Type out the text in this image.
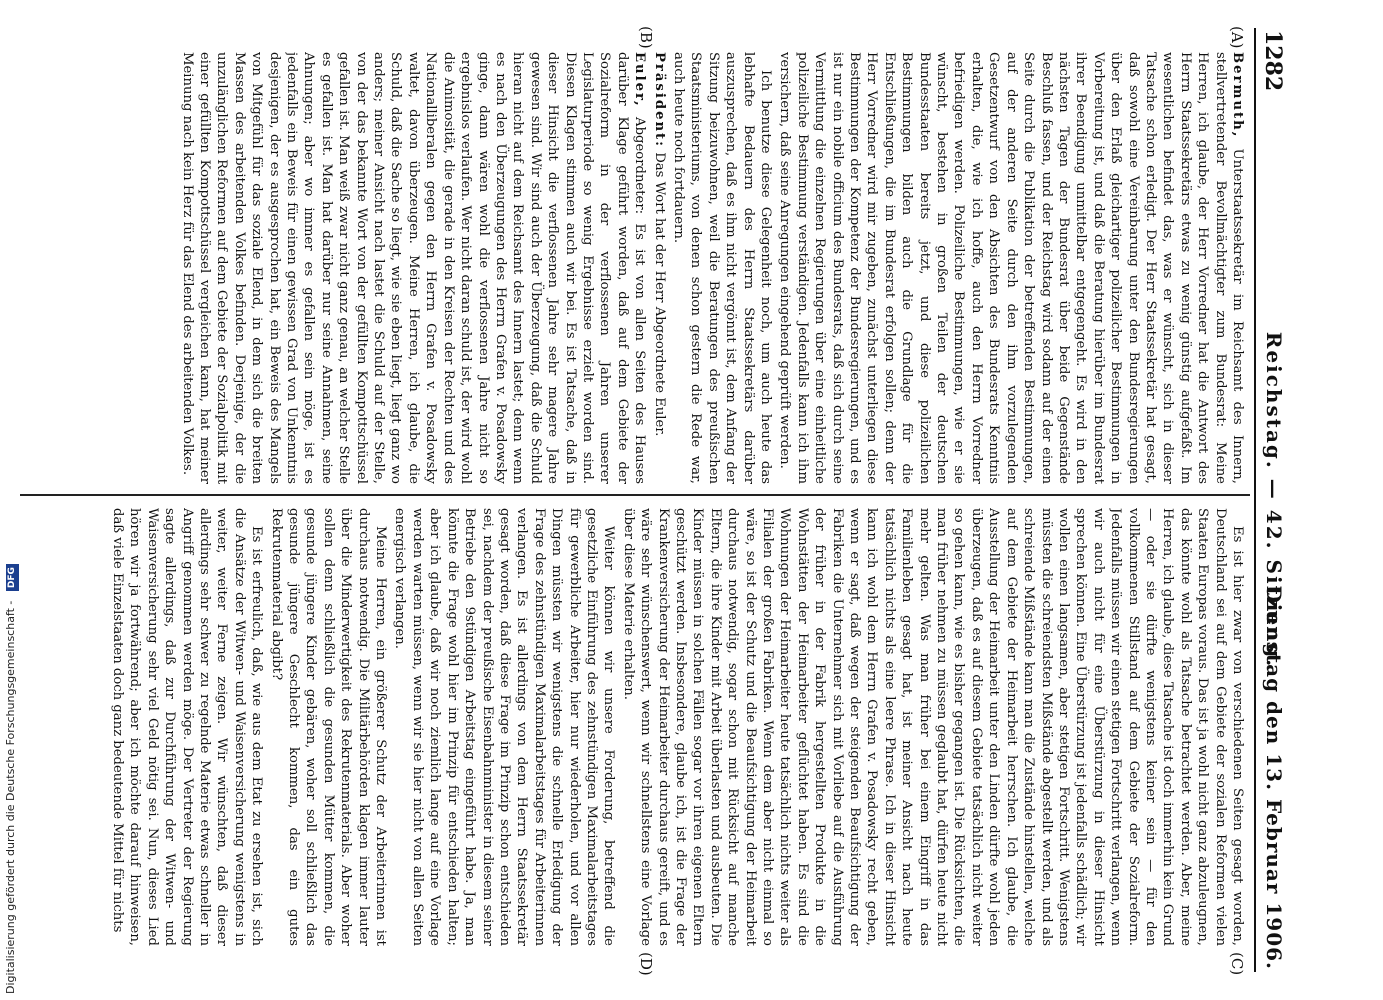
1282
Reichstag. — 42. Sitzung.
Dienstag den 13. Februar 1906.
(A)
(B)
(C)
(D)

Bermuth, Unterstaatssekretär im Reichsamt des Innern, stellvertretender Bevollmächtigter zum Bundesrat: Meine Herren, ich glaube, der Herr Vorredner hat die Antwort des Herrn Staatssekretärs etwas zu wenig günstig aufgefaßt. Im wesentlichen befindet das, was er wünscht, sich in dieser Tatsache schon erledigt. Der Herr Staatssekretär hat gesagt, daß sowohl eine Vereinbarung unter den Bundesregierungen über den Erlaß gleichartiger polizeilicher Bestimmungen in Vorbereitung ist, und daß die Beratung hierüber im Bundesrat ihrer Beendigung unmittelbar entgegengeht. Es wird in den nächsten Tagen der Bundesrat über beide Gegenstände Beschluß fassen, und der Reichstag wird sodann auf der einen Seite durch die Publikation der betreffenden Bestimmungen, auf der anderen Seite durch den ihm vorzulegenden Gesetzentwurf von den Absichten des Bundesrats Kenntnis erhalten, die, wie ich hoffe, auch den Herrn Vorredner befriedigen werden. Polizeiliche Bestimmungen, wie er sie wünscht, bestehen in großen Teilen der deutschen Bundesstaaten bereits jetzt, und diese polizeilichen Bestimmungen bilden auch die Grundlage für die Entschließungen, die im Bundesrat erfolgen sollen; denn der Herr Vorredner wird mir zugeben, zunächst unterliegen diese Bestimmungen der Kompetenz der Bundesregierungen, und es ist nur ein nobile officium des Bundesrats, daß sich durch seine Vermittlung die einzelnen Regierungen über eine einheitliche polizeiliche Bestimmung verständigen. Jedenfalls kann ich ihm versichern, daß seine Anregungen eingehend geprüft werden.

Ich benutze diese Gelegenheit noch, um auch heute das lebhafte Bedauern des Herrn Staatssekretärs darüber auszusprechen, daß es ihm nicht vergönnt ist, dem Anfang der Sitzung beizuwohnen, weil die Beratungen des preußischen Staatsministeriums, von denen schon gestern die Rede war, auch heute noch fortdauern.

Präsident: Das Wort hat der Herr Abgeordnete Euler.

Euler, Abgeordneter: Es ist von allen Seiten des Hauses darüber Klage geführt worden, daß auf dem Gebiete der Sozialreform in der verflossenen Jahren unserer Legislaturperiode so wenig Ergebnisse erzielt worden sind. Diesen Klagen stimmen auch wir bei. Es ist Tatsache, daß in dieser Hinsicht die verflossenen Jahre sehr magere Jahre gewesen sind. Wir sind auch der Überzeugung, daß die Schuld hieran nicht auf dem Reichsamt des Innern lastet; denn wenn es nach den Überzeugungen des Herrn Grafen v. Posadowsky ginge, dann wären wohl die verflossenen Jahre nicht so ergebnislos verlaufen. Wer nicht daran schuld ist, der wird wohl die Animosität, die gerade in den Kreisen der Rechten und des Nationalliberalen gegen den Herrn Grafen v. Posadowsky waltet, davon überzeugen. Meine Herren, ich glaube, die Schuld, daß die Sache so liegt, wie sie eben liegt, liegt ganz wo anders; meiner Ansicht nach lastet die Schuld auf der Stelle, von der das bekannte Wort von der gefüllten Kompottschüssel gefallen ist. Man weiß zwar nicht ganz genau, an welcher Stelle es gefallen ist. Man hat darüber nur seine Annahmen, seine Ahnungen; aber wo immer es gefallen sein möge, ist es jedenfalls ein Beweis für einen gewissen Grad von Unkenntnis desjenigen, der es ausgesprochen hat, ein Beweis des Mangels von Mitgefühl für das soziale Elend, in dem sich die breiten Massen des arbeitenden Volkes befinden. Derjenige, der die unzulänglichen Reformen auf dem Gebiete der Sozialpolitik mit einer gefüllten Kompottschüssel vergleichen kann, hat meiner Meinung nach kein Herz für das Elend des arbeitenden Volkes.

Es ist hier zwar von verschiedenen Seiten gesagt worden, Deutschland sei auf dem Gebiete der sozialen Reformen vielen Staaten Europas voraus. Das ist ja wohl nicht ganz abzuleugnen, das könnte wohl als Tatsache betrachtet werden. Aber, meine Herren, ich glaube, diese Tatsache ist doch immerhin kein Grund — oder sie dürfte wenigstens keiner sein — für den vollkommenen Stillstand auf dem Gebiete der Sozialreform. Jedenfalls müssen wir einen stetigen Fortschritt verlangen, wenn wir auch nicht für eine Überstürzung in dieser Hinsicht sprechen können. Eine Überstürzung ist jedenfalls schädlich; wir wollen einen langsamen, aber stetigen Fortschritt. Wenigstens müssten die schreiendsten Mißstände abgestellt werden, und als schreiende Mißstände kann man die Zustände hinstellen, welche auf dem Gebiete der Heimarbeit herrschen. Ich glaube, die Ausstellung der Heimarbeit unter den Linden dürfte wohl jeden überzeugen, daß es auf diesem Gebiete tatsächlich nicht weiter so gehen kann, wie es bisher gegangen ist. Die Rücksichten, die man früher nehmen zu müssen geglaubt hat, dürfen heute nicht mehr gelten. Was man früher bei einem Eingriff in das Familienleben gesagt hat, ist meiner Ansicht nach heute tatsächlich nichts als eine leere Phrase. Ich in dieser Hinsicht kann ich wohl dem Herrn Grafen v. Posadowsky recht geben, wenn er sagt, daß wegen der steigenden Beaufsichtigung der Fabriken die Unternehmer sich mit Vorliebe auf die Ausführung der früher in der Fabrik hergestellten Produkte in die Wohnstätten der Heimarbeiter geflüchtet haben. Es sind die Wohnungen der Heimarbeiter heute tatsächlich nichts weiter als Filialen der großen Fabriken. Wenn dem aber nicht einmal so wäre, so ist der Schutz und die Beaufsichtigung der Heimarbeit durchaus notwendig, sogar schon mit Rücksicht auf manche Eltern, die ihre Kinder mit Arbeit überlasten und ausbeuten. Die Kinder müssen in solchen Fällen sogar vor ihren eigenen Eltern geschützt werden. Insbesondere, glaube ich, ist die Frage der Krankenversicherung der Heimarbeiter durchaus gereift, und es wäre sehr wünschenswert, wenn wir schnellstens eine Vorlage über diese Materie erhalten.

Weiter können wir unsere Forderung, betreffend die gesetzliche Einführung des zehnstündigen Maximalarbeitstages für gewerbliche Arbeiter, hier nur wiederholen, und vor allen Dingen müssten wir wenigstens die schnelle Erledigung der Frage des zehnstündigen Maximalarbeitstages für Arbeiterinnen verlangen. Es ist allerdings von dem Herrn Staatssekretär gesagt worden, daß diese Frage im Prinzip schon entschieden sei, nachdem der preußische Eisenbahnminister in diesem seiner Betriebe den 9stündigen Arbeitstag eingeführt habe. Ja, man könnte die Frage wohl hier im Prinzip für entschieden halten; aber ich glaube, daß wir noch ziemlich lange auf eine Vorlage werden warten müssen, wenn wir sie hier nicht von allen Seiten energisch verlangen.

Meine Herren, ein größerer Schutz der Arbeiterinnen ist durchaus notwendig. Die Militärbehörden klagen immer lauter über die Minderwertigkeit des Rekrutenmaterials. Aber woher sollen denn schließlich die gesunden Mütter kommen, die gesunde jüngere Kinder gebären, woher soll schließlich das gesunde jüngere Geschlecht kommen, das ein gutes Rekrutenmaterial abgibt?

Es ist erfreulich, daß, wie aus dem Etat zu ersehen ist, sich die Ansätze der Witwen- und Waisenversicherung wenigstens in weiter, weiter Ferne zeigen. Wir wünschten, daß dieser allerdings sehr schwer zu regelnde Materie etwas schneller in Angriff genommen werden möge. Der Vertreter der Regierung sagte allerdings, daß zur Durchführung der Witwen- und Waisenversicherung sehr viel Geld nötig sei. Nun, dieses Lied hören wir ja fortwährend; aber ich möchte darauf hinweisen, daß viele Einzelstaaten doch ganz bedeutende Mittel für nichts

Digitalisierung gefördert durch die Deutsche Forschungsgemeinschaft - DFG
